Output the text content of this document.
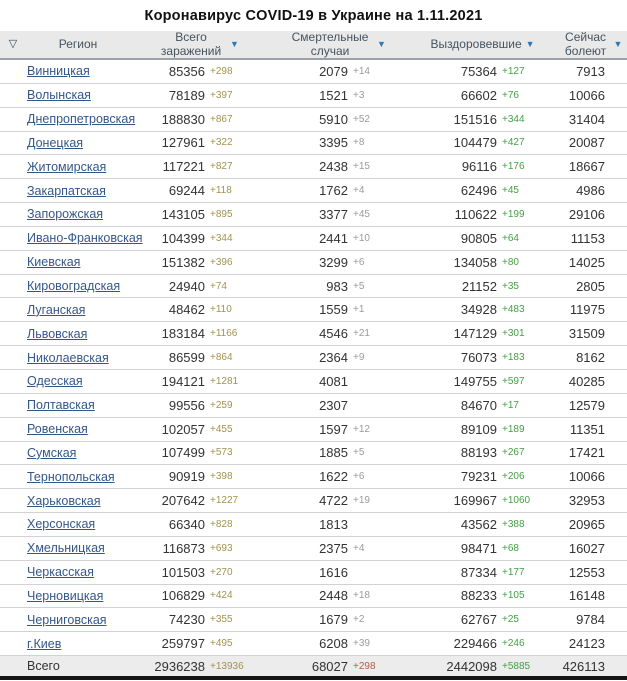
Коронавирус COVID-19 в Украине на 1.11.2021
▽	Регион	Всего заражений ▼	Смертельные случаи	▼	Выздоровевшие ▼	Сейчас болеют ▼
Винницкая	85356 +298	2079 +14	75364 +127	7913
Волынская	78189 +397	1521 +3	66602 +76	10066
Днепропетровская	188830 +867	5910 +52	151516 +344	31404
Донецкая	127961 +322	3395 +8	104479 +427	20087
Житомирская	117221 +827	2438 +15	96116 +176	18667
Закарпатская	69244 +118	1762 +4	62496 +45	4986
Запорожская	143105 +895	3377 +45	110622 +199	29106
Ивано-Франковская	104399 +344	2441 +10	90805 +64	11153
Киевская	151382 +396	3299 +6	134058 +80	14025
Кировоградская	24940 +74	983 +5	21152 +35	2805
Луганская	48462 +110	1559 +1	34928 +483	11975
Львовская	183184 +1166	4546 +21	147129 +301	31509
Николаевская	86599 +864	2364 +9	76073 +183	8162
Одесская	194121 +1281	4081	149755 +597	40285
Полтавская	99556 +259	2307	84670 +17	12579
Ровенская	102057 +455	1597 +12	89109 +189	11351
Сумская	107499 +573	1885 +5	88193 +267	17421
Тернопольская	90919 +398	1622 +6	79231 +206	10066
Харьковская	207642 +1227	4722 +19	169967 +1060	32953
Херсонская	66340 +828	1813	43562 +388	20965
Хмельницкая	116873 +693	2375 +4	98471 +68	16027
Черкасская	101503 +270	1616	87334 +177	12553
Черновицкая	106829 +424	2448 +18	88233 +105	16148
Черниговская	74230 +355	1679 +2	62767 +25	9784
г.Киев	259797 +495	6208 +39	229466 +246	24123
Всего	2936238 +13936	68027 +298	2442098 +5885	426113
